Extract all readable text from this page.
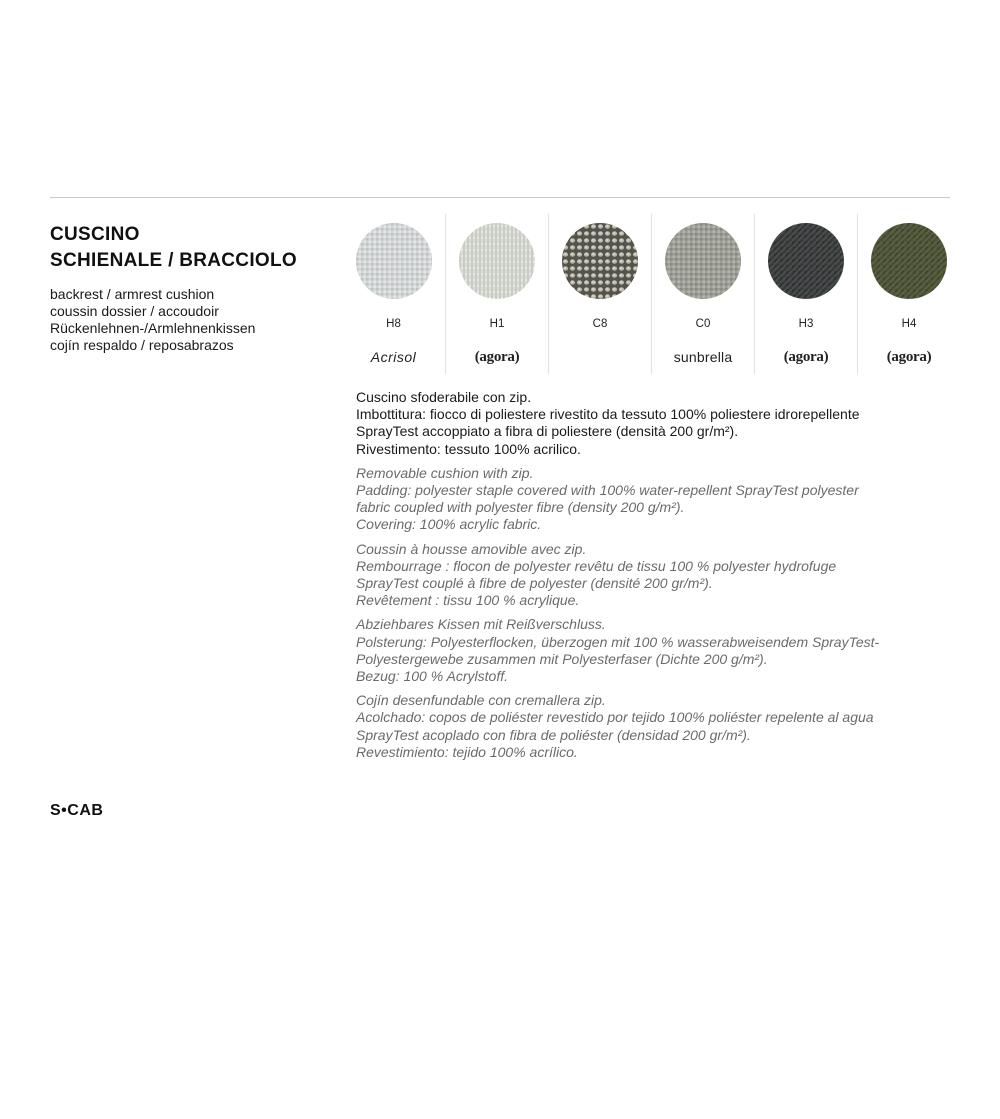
CUSCINO
SCHIENALE / BRACCIOLO
backrest / armrest cushion
coussin dossier / accoudoir
Rückenlehnen-/Armlehnenkissen
cojín respaldo / reposabrazos
H8
Acrisol
H1
(agora)
C8	C0
sunbrella
H3
(agora)
H4
(agora)

Cuscino sfoderabile con zip.

Imbottitura: fiocco di poliestere rivestito da tessuto 100% poliestere idrorepellente

SprayTest accoppiato a fibra di poliestere (densità 200 gr/m²).

Rivestimento: tessuto 100% acrilico.

Removable cushion with zip.

Padding: polyester staple covered with 100% water-repellent SprayTest polyester

fabric coupled with polyester fibre (density 200 g/m²).

Covering: 100% acrylic fabric.

Coussin à housse amovible avec zip.

Rembourrage : flocon de polyester revêtu de tissu 100 % polyester hydrofuge

SprayTest couplé à fibre de polyester (densité 200 gr/m²).

Revêtement : tissu 100 % acrylique.

Abziehbares Kissen mit Reißverschluss.

Polsterung: Polyesterflocken, überzogen mit 100 % wasserabweisendem SprayTest-

Polyestergewebe zusammen mit Polyesterfaser (Dichte 200 g/m²).

Bezug: 100 % Acrylstoff.

Cojín desenfundable con cremallera zip.

Acolchado: copos de poliéster revestido por tejido 100% poliéster repelente al agua

SprayTest acoplado con fibra de poliéster (densidad 200 gr/m²).

Revestimiento: tejido 100% acrílico.

S•CAB
